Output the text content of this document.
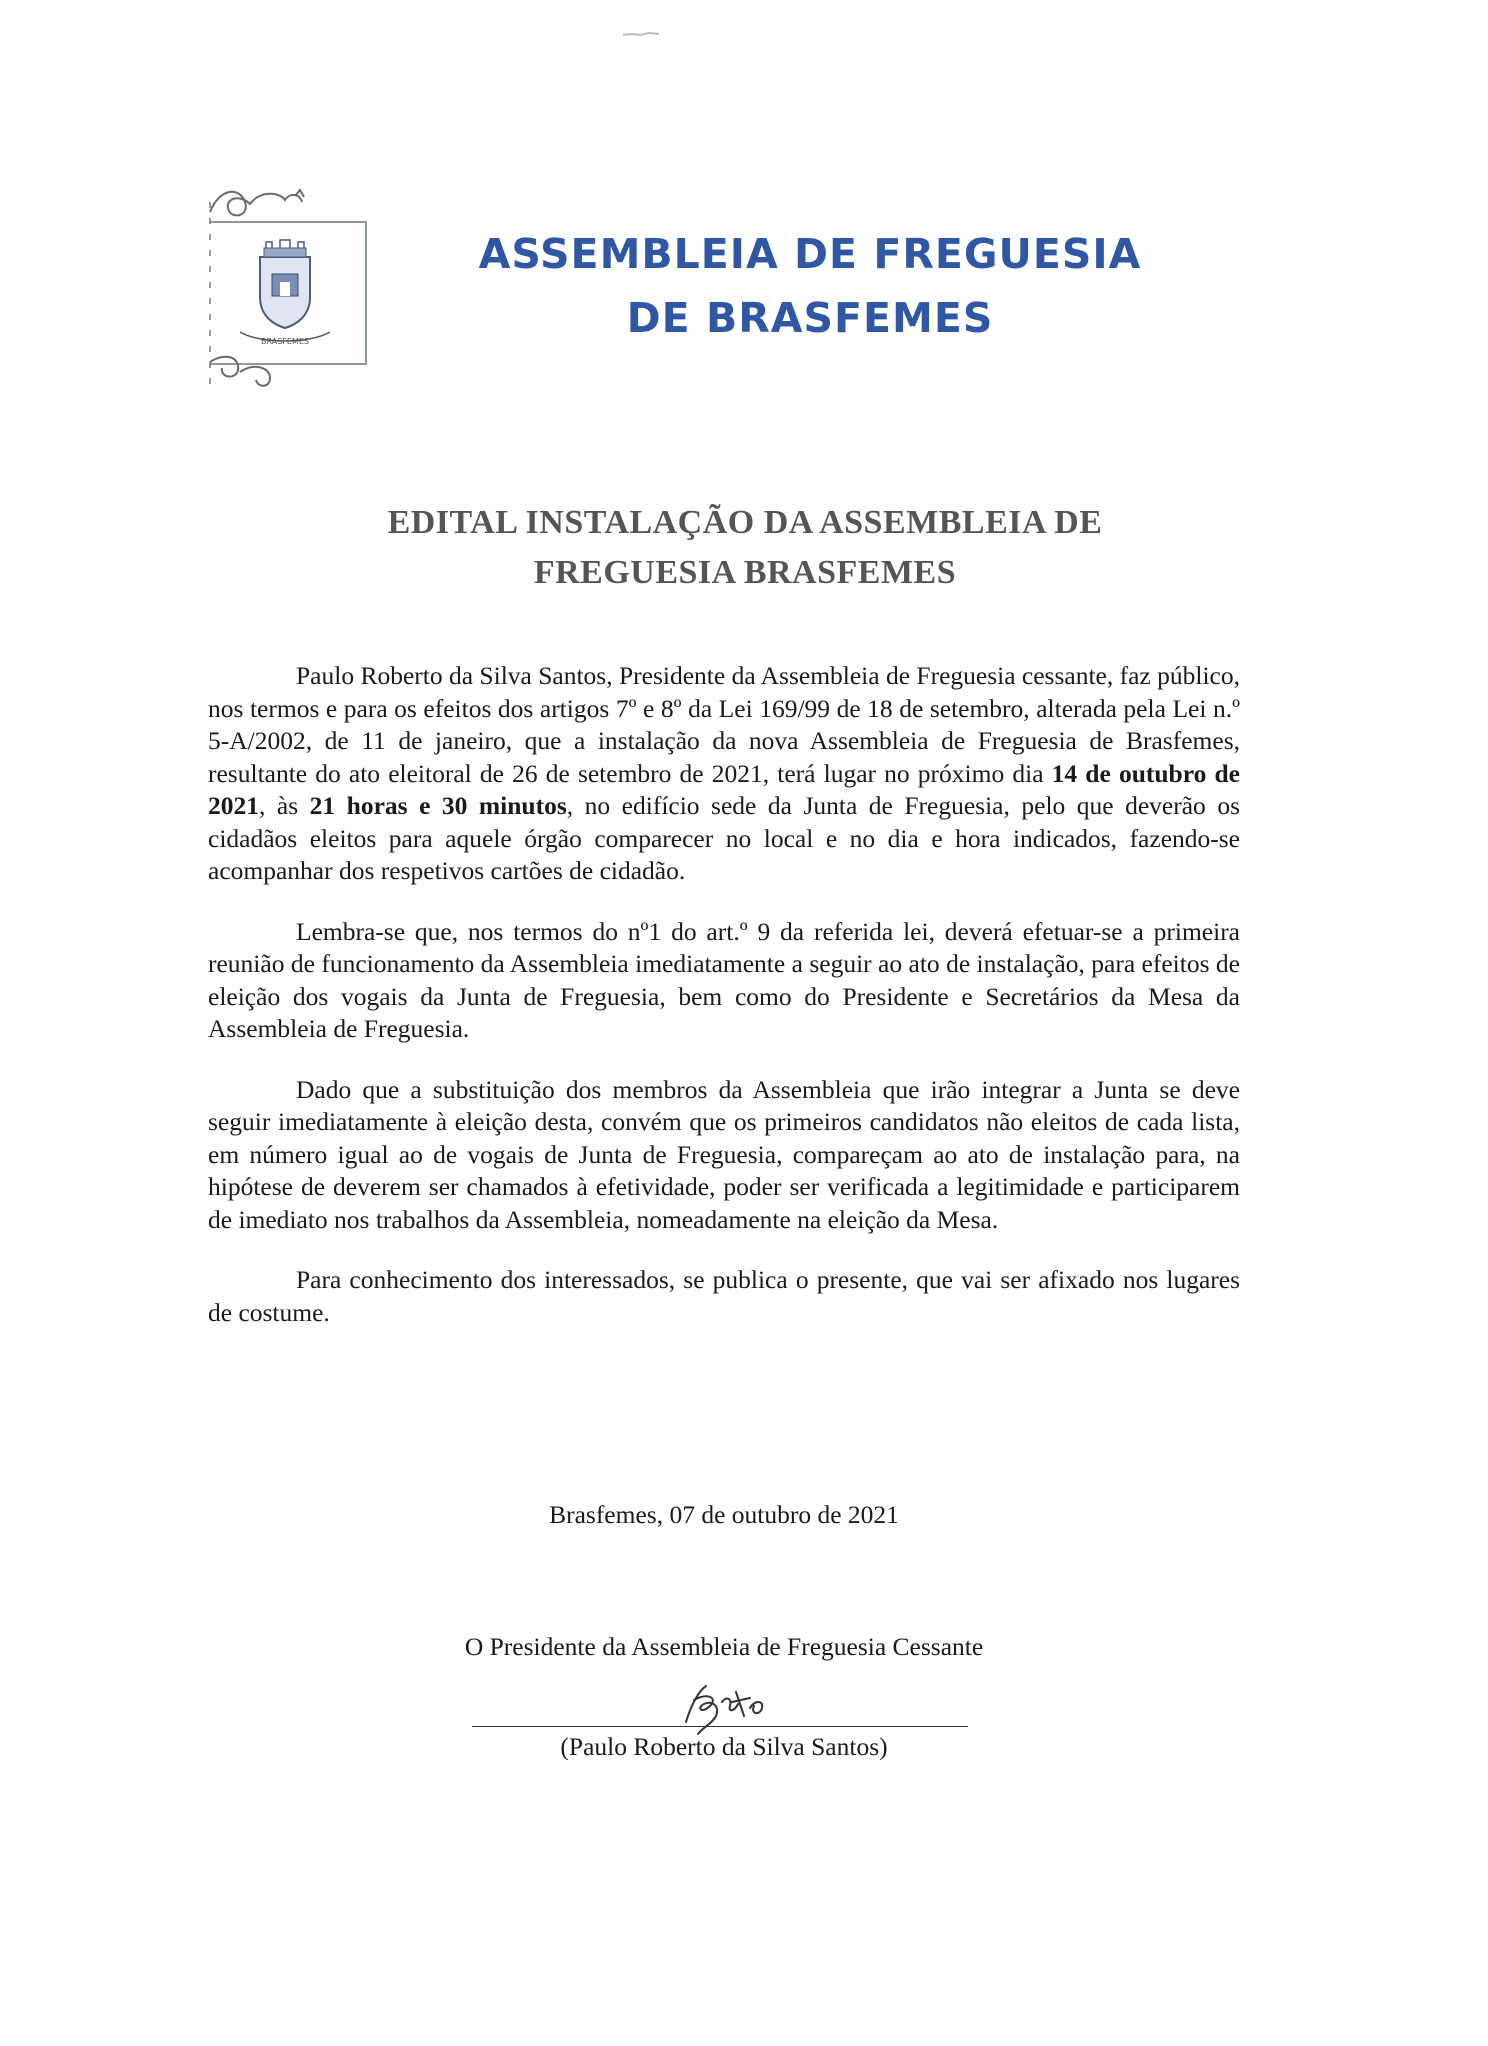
BRASFEMES
ASSEMBLEIA DE FREGUESIA
DE BRASFEMES
EDITAL INSTALAÇÃO DA ASSEMBLEIA DE
FREGUESIA BRASFEMES

Paulo Roberto da Silva Santos, Presidente da Assembleia de Freguesia cessante, faz público, nos termos e para os efeitos dos artigos 7º e 8º da Lei 169/99 de 18 de setembro, alterada pela Lei n.º 5-A/2002, de 11 de janeiro, que a instalação da nova Assembleia de Freguesia de Brasfemes, resultante do ato eleitoral de 26 de setembro de 2021, terá lugar no próximo dia 14 de outubro de 2021, às 21 horas e 30 minutos, no edifício sede da Junta de Freguesia, pelo que deverão os cidadãos eleitos para aquele órgão comparecer no local e no dia e hora indicados, fazendo-se acompanhar dos respetivos cartões de cidadão.

Lembra-se que, nos termos do nº1 do art.º 9 da referida lei, deverá efetuar-se a primeira reunião de funcionamento da Assembleia imediatamente a seguir ao ato de instalação, para efeitos de eleição dos vogais da Junta de Freguesia, bem como do Presidente e Secretários da Mesa da Assembleia de Freguesia.

Dado que a substituição dos membros da Assembleia que irão integrar a Junta se deve seguir imediatamente à eleição desta, convém que os primeiros candidatos não eleitos de cada lista, em número igual ao de vogais de Junta de Freguesia, compareçam ao ato de instalação para, na hipótese de deverem ser chamados à efetividade, poder ser verificada a legitimidade e participarem de imediato nos trabalhos da Assembleia, nomeadamente na eleição da Mesa.

Para conhecimento dos interessados, se publica o presente, que vai ser afixado nos lugares de costume.

Brasfemes, 07 de outubro de 2021
O Presidente da Assembleia de Freguesia Cessante
(Paulo Roberto da Silva Santos)
